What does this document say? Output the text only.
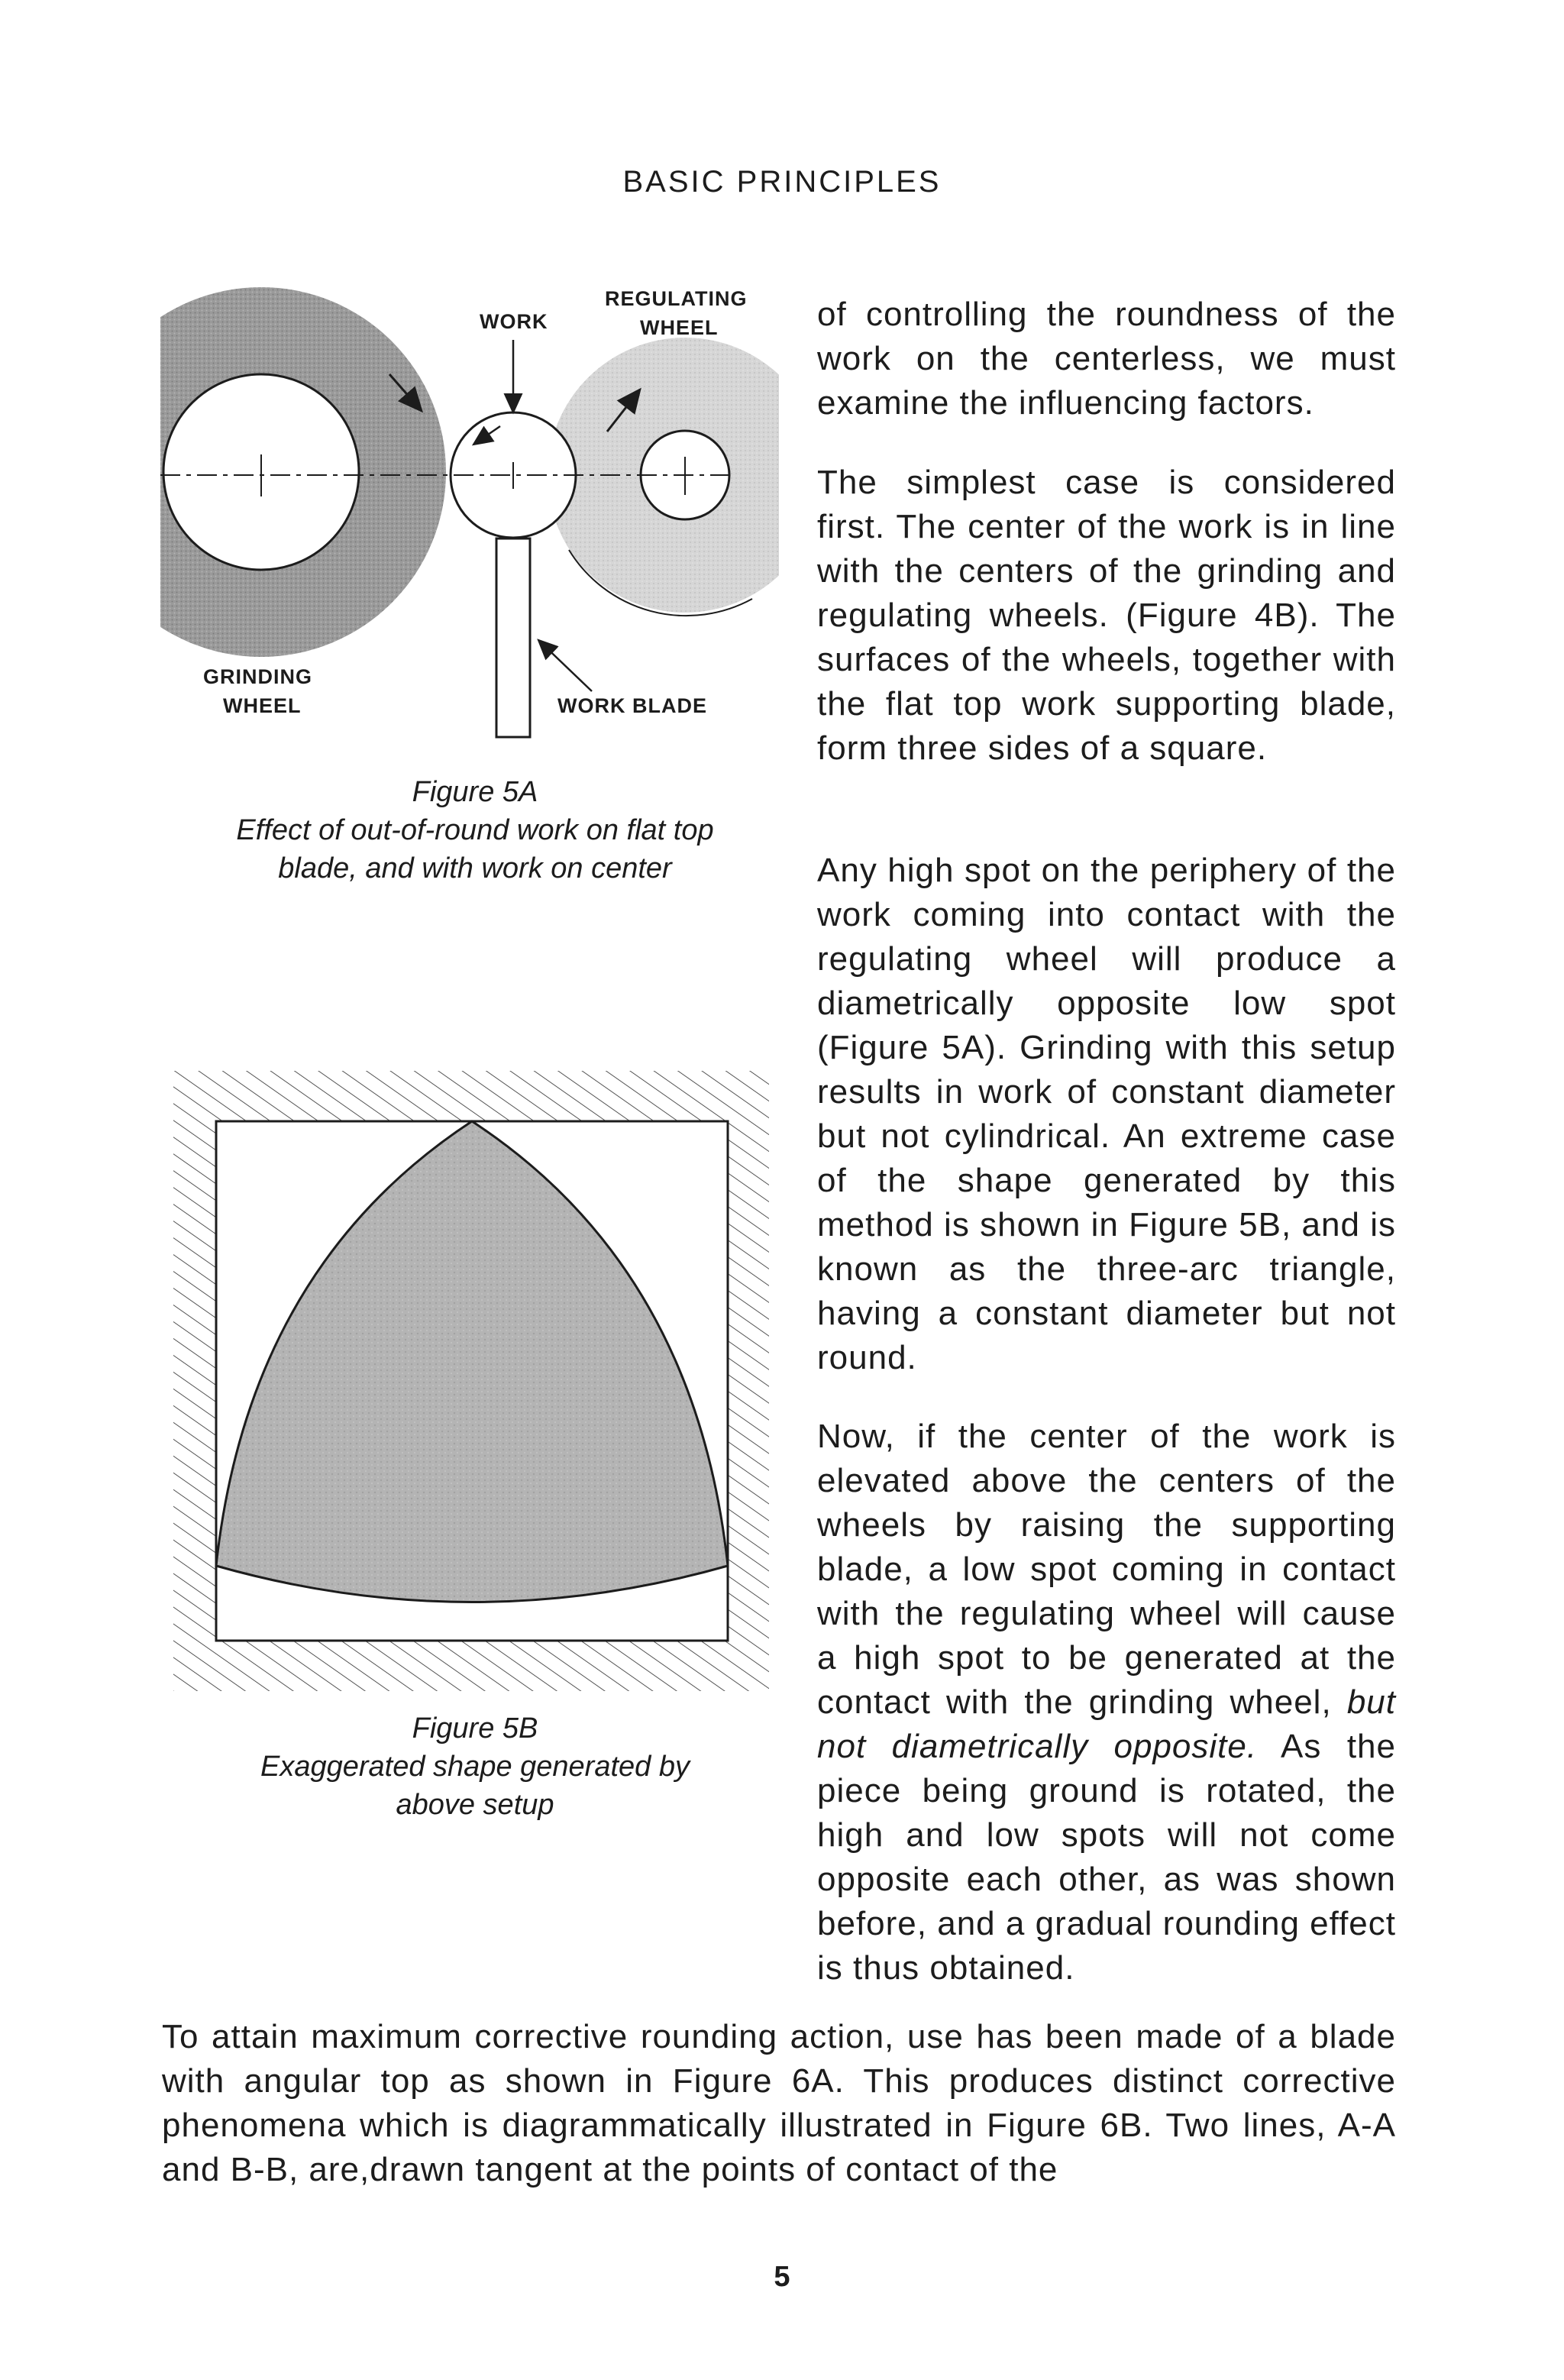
BASIC PRINCIPLES
WORK
REGULATING
WHEEL
GRINDING
WHEEL	WORK BLADE

Figure 5A

Effect of out-of-round work on flat top

blade, and with work on center

Figure 5B

Exaggerated shape generated by

above setup

of controlling the roundness of the work on the centerless, we must examine the influencing factors.

The simplest case is considered first. The center of the work is in line with the centers of the grinding and regulating wheels. (Figure 4B). The surfaces of the wheels, together with the flat top work supporting blade, form three sides of a square.

Any high spot on the periphery of the work coming into contact with the regulating wheel will produce a diametrically opposite low spot (Figure 5A). Grinding with this setup results in work of constant diameter but not cylindrical. An extreme case of the shape generated by this method is shown in Figure 5B, and is known as the three-arc triangle, having a constant diameter but not round.

Now, if the center of the work is elevated above the centers of the wheels by raising the supporting blade, a low spot coming in contact with the regulating wheel will cause a high spot to be generated at the contact with the grinding wheel, but not diametrically opposite. As the piece being ground is rotated, the high and low spots will not come opposite each other, as was shown before, and a gradual rounding effect is thus obtained.

To attain maximum corrective rounding action, use has been made of a blade with angular top as shown in Figure 6A. This produces distinct corrective phenomena which is diagrammatically illustrated in Figure 6B. Two lines, A-A and B-B, are,drawn tangent at the points of contact of the

5
